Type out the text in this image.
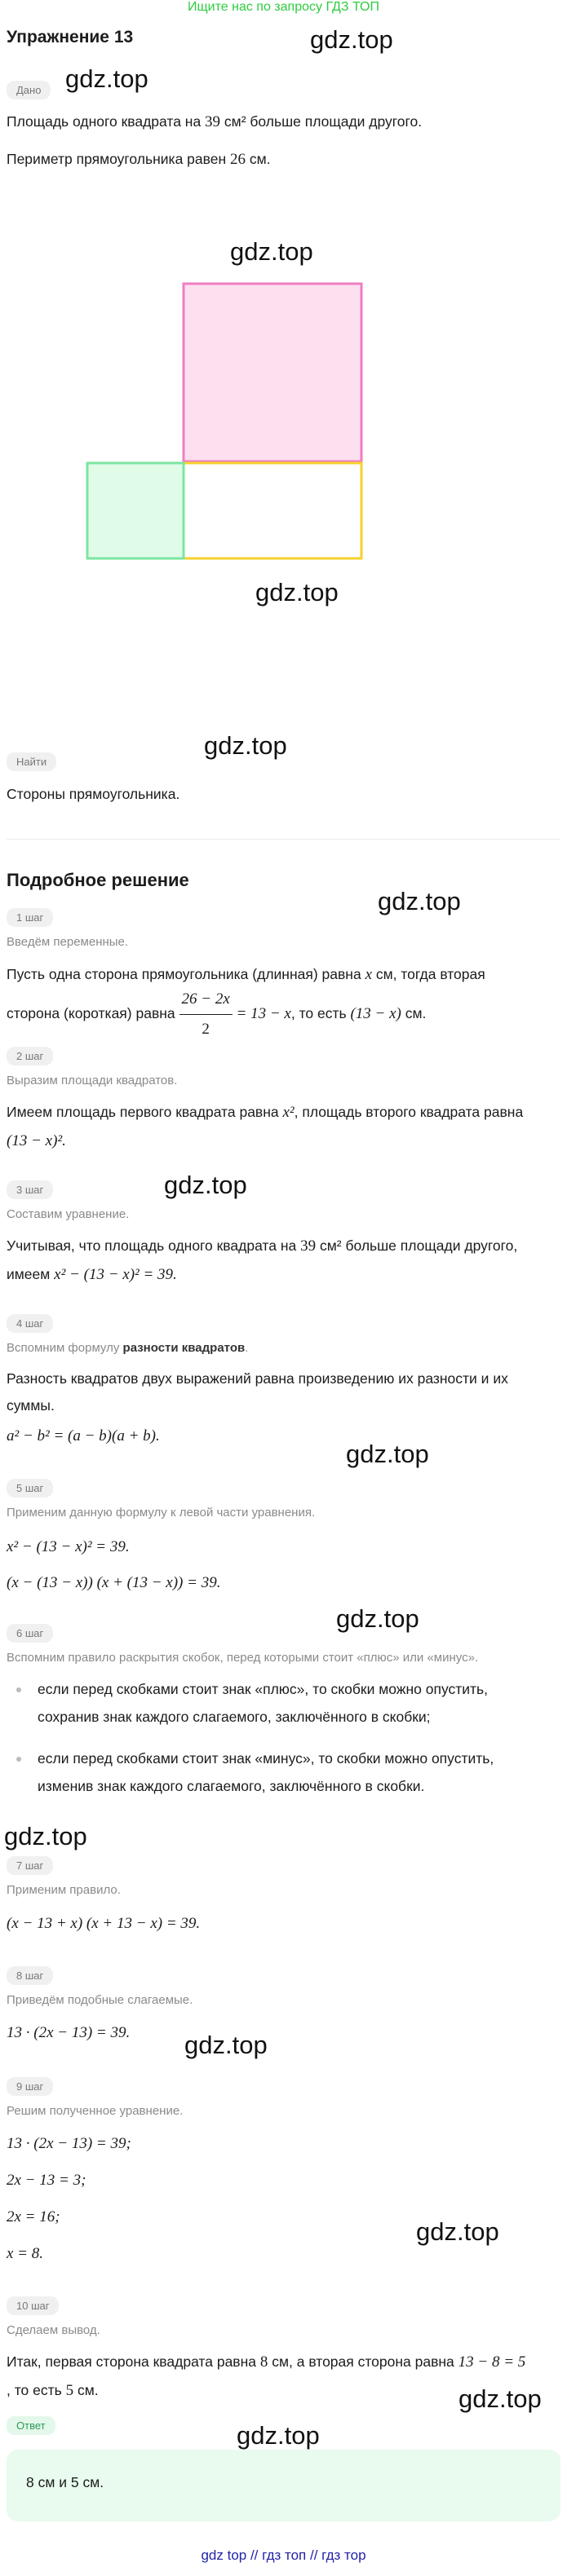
Ищите нас по запросу ГДЗ ТОП
Упражнение 13	gdz.top
gdz.top
gdz.top
gdz.top
gdz.top
gdz.top
gdz.top
gdz.top
gdz.top
gdz.top
gdz.top
gdz.top
gdz.top
gdz.top
Дано
Площадь одного квадрата на 39 см² больше площади другого.
Периметр прямоугольника равен 26 см.
Найти
Стороны прямоугольника.
Подробное решение
1 шаг
Введём переменные.
Пусть одна сторона прямоугольника (длинная) равна x см, тогда вторая
сторона (короткая) равна $\frac{26 - 2x}{2} = 13 - x$, то есть (13 − x) см.
2 шаг
Выразим площади квадратов.
Имеем площадь первого квадрата равна x², площадь второго квадрата равна
(13 − x)².
3 шаг
Составим уравнение.
Учитывая, что площадь одного квадрата на 39 см² больше площади другого,
имеем x² − (13 − x)² = 39.
4 шаг
Вспомним формулу разности квадратов.
Разность квадратов двух выражений равна произведению их разности и их
суммы.
a² − b² = (a − b)(a + b).
5 шаг
Применим данную формулу к левой части уравнения.
x² − (13 − x)² = 39.
(x − (13 − x)) (x + (13 − x)) = 39.
6 шаг
Вспомним правило раскрытия скобок, перед которыми стоит «плюс» или «минус».
если перед скобками стоит знак «плюс», то скобки можно опустить,
сохранив знак каждого слагаемого, заключённого в скобки;
если перед скобками стоит знак «минус», то скобки можно опустить,
изменив знак каждого слагаемого, заключённого в скобки.
7 шаг
Применим правило.
(x − 13 + x) (x + 13 − x) = 39.
8 шаг
Приведём подобные слагаемые.
13 · (2x − 13) = 39.
9 шаг
Решим полученное уравнение.
13 · (2x − 13) = 39;
2x − 13 = 3;
2x = 16;
x = 8.
10 шаг
Сделаем вывод.
Итак, первая сторона квадрата равна 8 см, а вторая сторона равна 13 − 8 = 5
, то есть 5 см.
Ответ
8 см и 5 см.
gdz top // гдз топ // гдз тор
